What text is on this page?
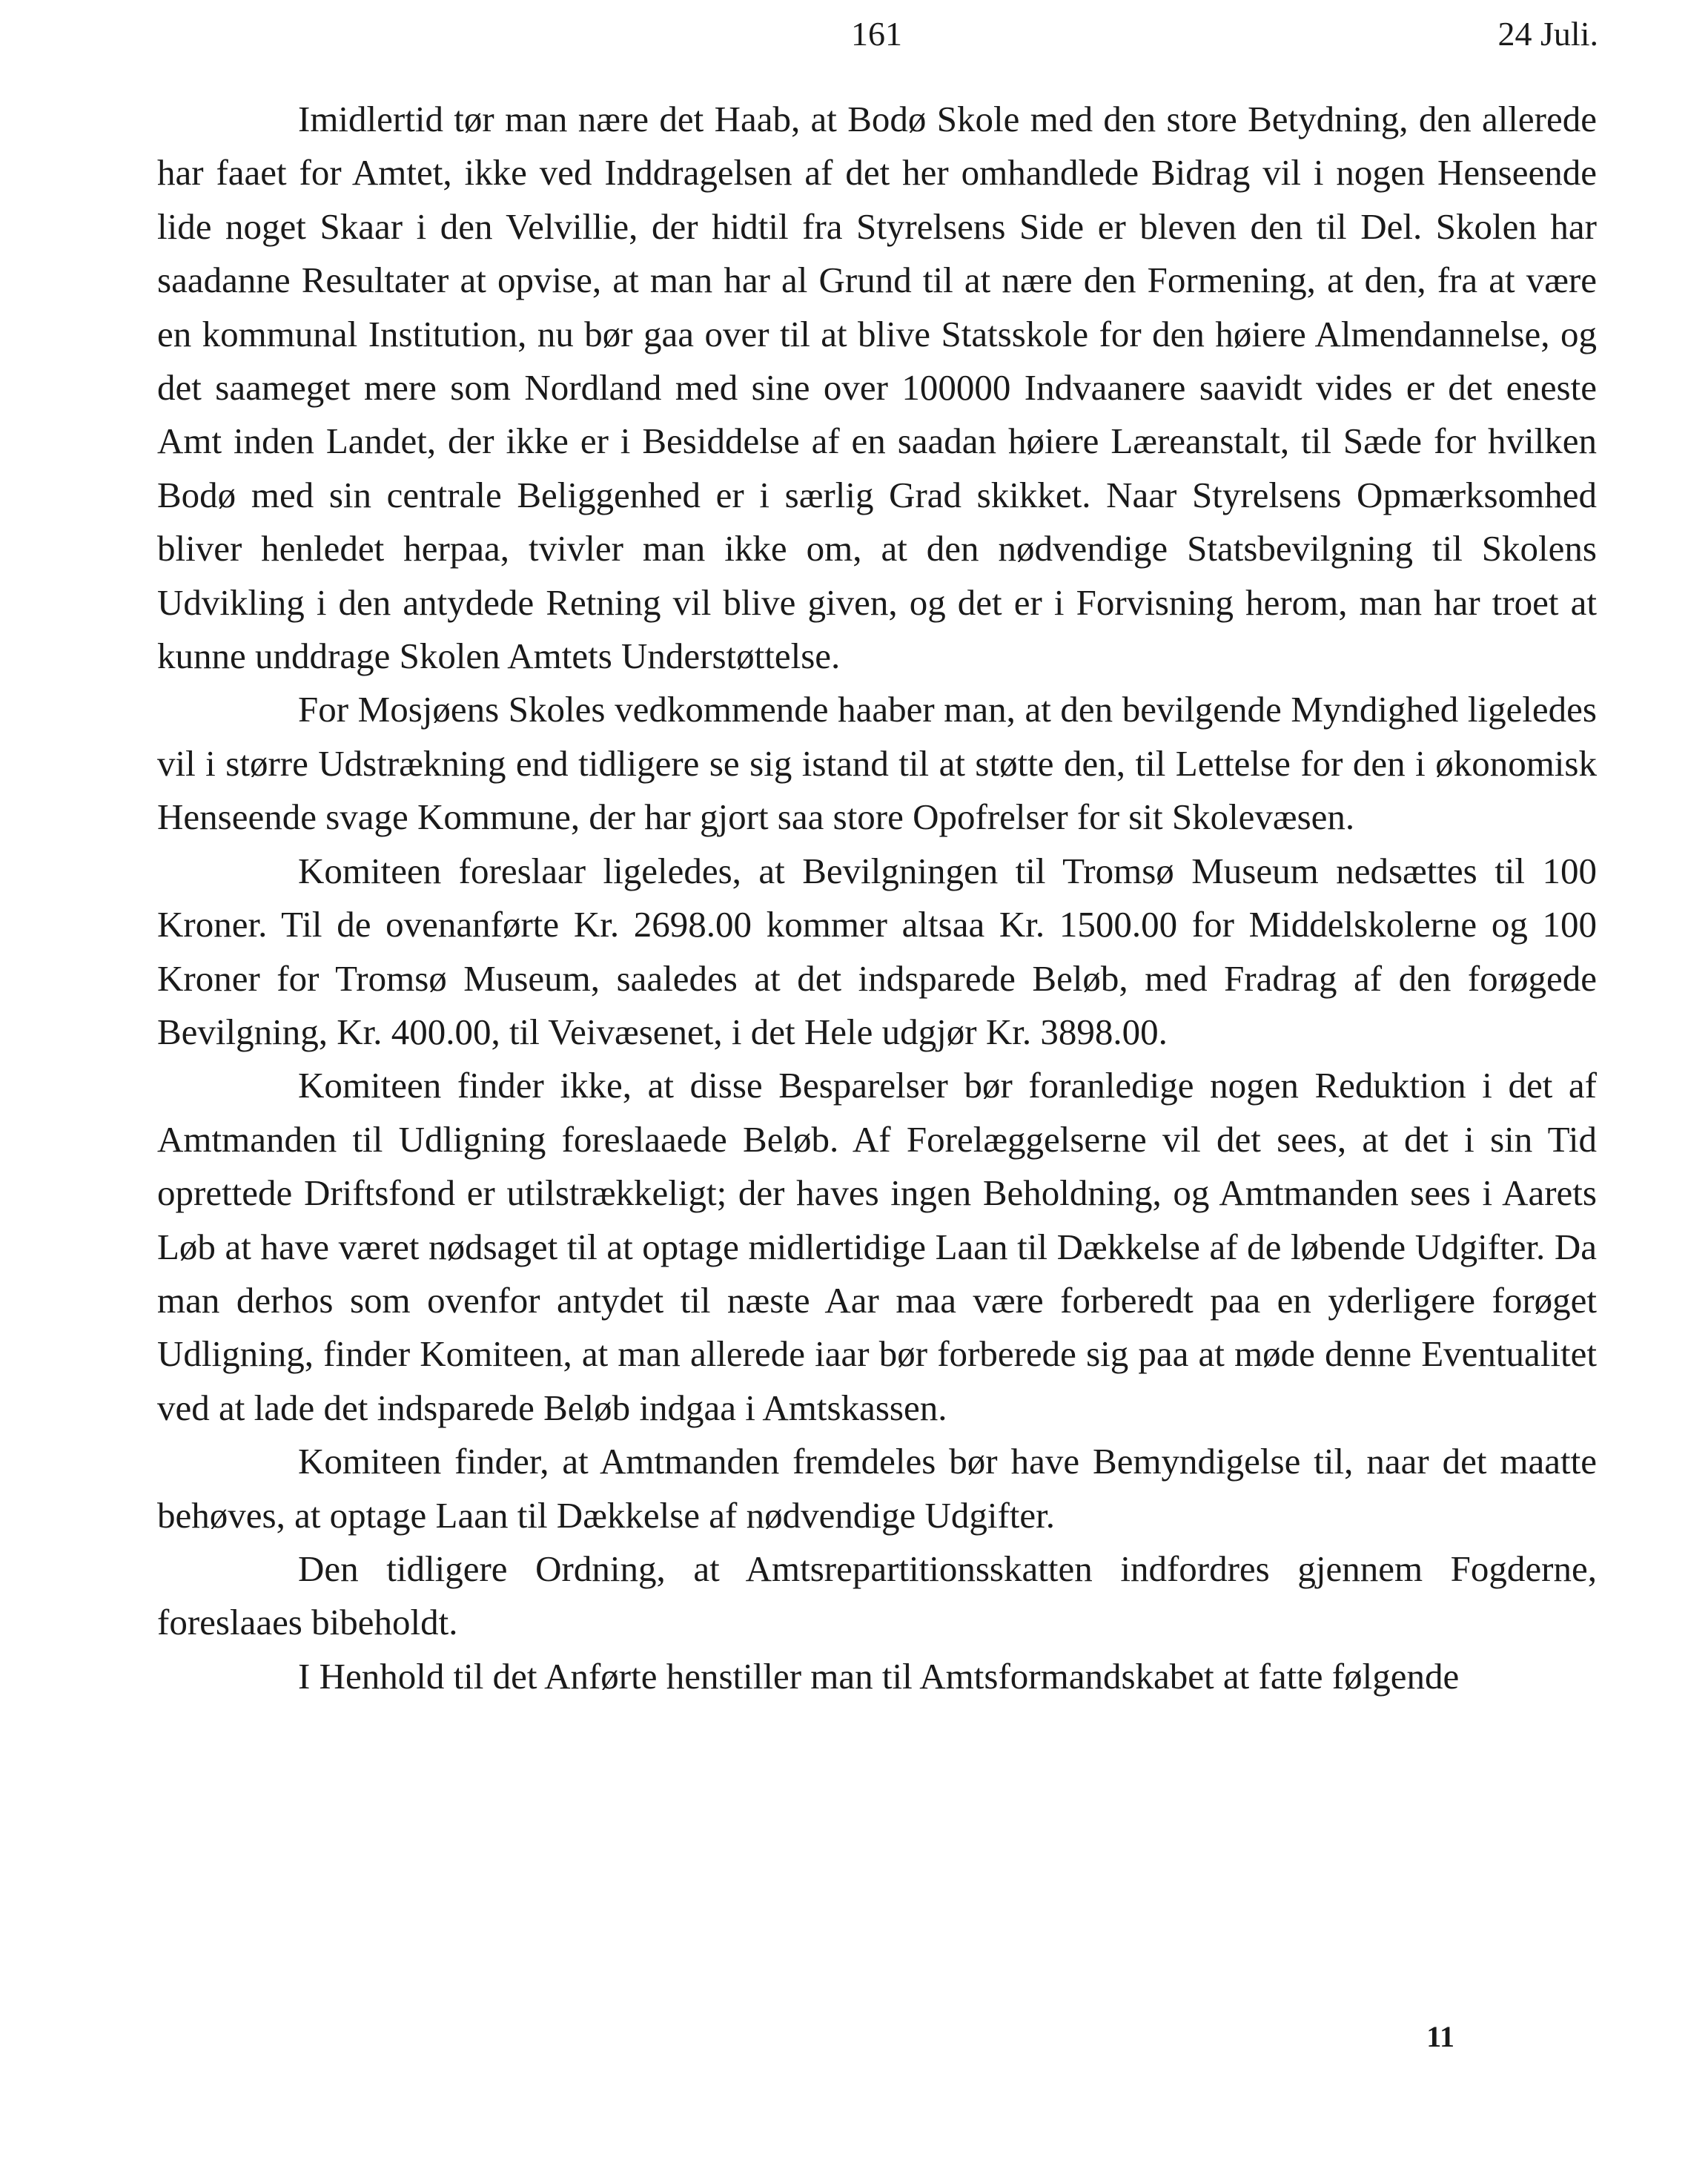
161	24 Juli.

Imidlertid tør man nære det Haab, at Bodø Skole med den store Betydning, den allerede har faaet for Amtet, ikke ved Inddragelsen af det her omhandlede Bidrag vil i nogen Henseende lide noget Skaar i den Velvillie, der hidtil fra Styrelsens Side er bleven den til Del. Skolen har saadanne Resultater at opvise, at man har al Grund til at nære den Formening, at den, fra at være en kommunal Institution, nu bør gaa over til at blive Statsskole for den høiere Almendannelse, og det saameget mere som Nordland med sine over 100000 Indvaanere saavidt vides er det eneste Amt inden Landet, der ikke er i Besiddelse af en saadan høiere Læreanstalt, til Sæde for hvilken Bodø med sin centrale Beliggenhed er i særlig Grad skikket. Naar Styrelsens Opmærksomhed bliver henledet herpaa, tvivler man ikke om, at den nødvendige Statsbevilgning til Skolens Udvikling i den antydede Retning vil blive given, og det er i Forvisning herom, man har troet at kunne unddrage Skolen Amtets Understøttelse.

For Mosjøens Skoles vedkommende haaber man, at den bevilgende Myndighed ligeledes vil i større Udstrækning end tidligere se sig istand til at støtte den, til Lettelse for den i økonomisk Henseende svage Kommune, der har gjort saa store Opofrelser for sit Skolevæsen.

Komiteen foreslaar ligeledes, at Bevilgningen til Tromsø Museum nedsættes til 100 Kroner. Til de ovenanførte Kr. 2698.00 kommer altsaa Kr. 1500.00 for Middelskolerne og 100 Kroner for Tromsø Museum, saaledes at det indsparede Beløb, med Fradrag af den forøgede Bevilgning, Kr. 400.00, til Veivæsenet, i det Hele udgjør Kr. 3898.00.

Komiteen finder ikke, at disse Besparelser bør foranledige nogen Reduktion i det af Amtmanden til Udligning foreslaaede Beløb. Af Forelæggelserne vil det sees, at det i sin Tid oprettede Driftsfond er utilstrækkeligt; der haves ingen Beholdning, og Amtmanden sees i Aarets Løb at have været nødsaget til at optage midlertidige Laan til Dækkelse af de løbende Udgifter. Da man derhos som ovenfor antydet til næste Aar maa være forberedt paa en yderligere forøget Udligning, finder Komiteen, at man allerede iaar bør forberede sig paa at møde denne Eventualitet ved at lade det indsparede Beløb indgaa i Amtskassen.

Komiteen finder, at Amtmanden fremdeles bør have Bemyndigelse til, naar det maatte behøves, at optage Laan til Dækkelse af nødvendige Udgifter.

Den tidligere Ordning, at Amtsrepartitionsskatten indfordres gjennem Fogderne, foreslaaes bibeholdt.

I Henhold til det Anførte henstiller man til Amtsformandskabet at fatte følgende

11
